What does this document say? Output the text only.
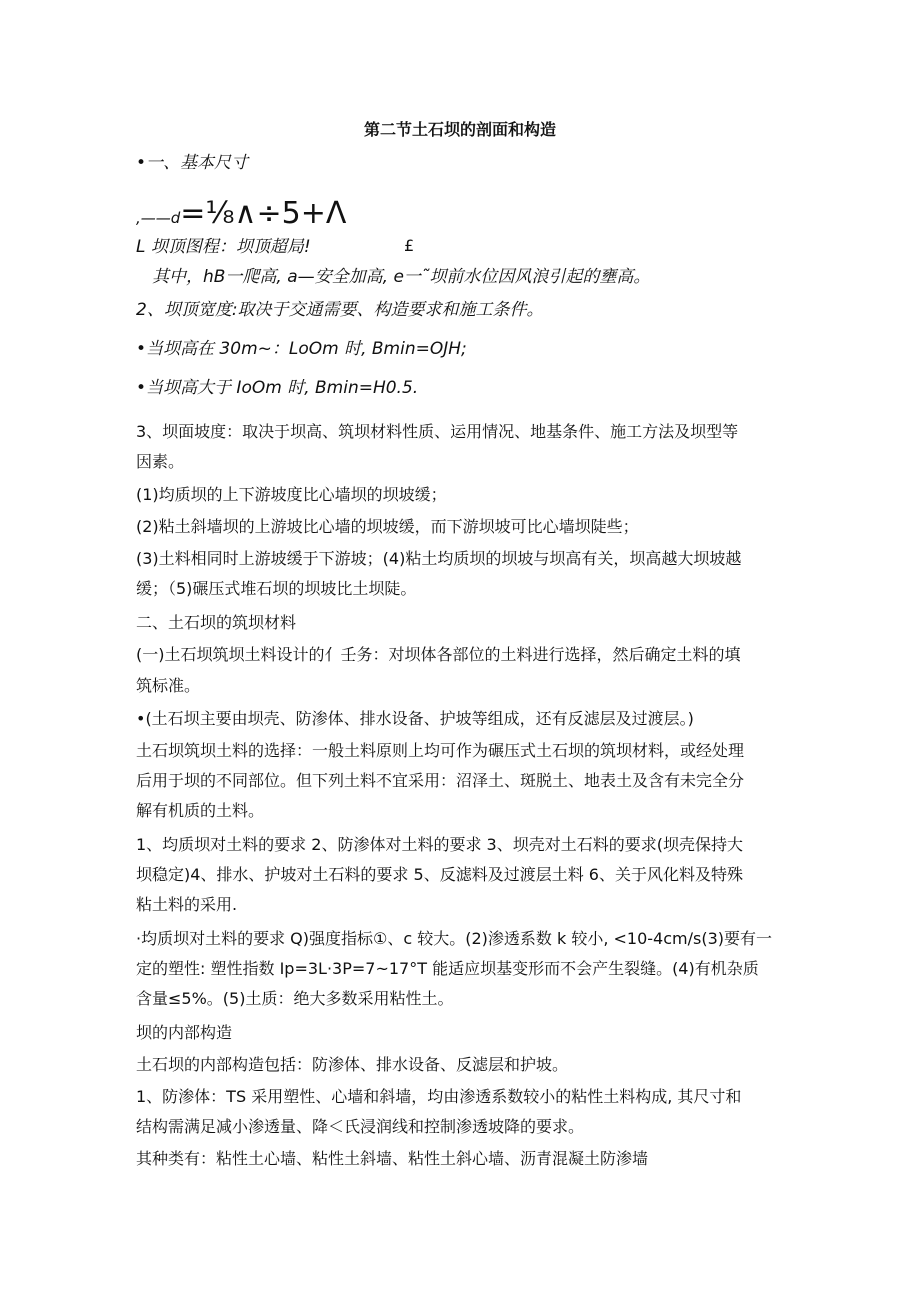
第二节土石坝的剖面和构造
•一、基本尺寸
,——d=⅛∧÷5+Λ
L 坝顶图程：坝顶超局!	£
其中，hB一爬高, a—安全加高, e一˜坝前水位因风浪引起的壅高。
2、坝顶宽度:取决于交通需要、构造要求和施工条件。
•当坝高在 30m~：LoOm 时, Bmin=OJH;
•当坝高大于 IoOm 时, Bmin=H0.5.
3、坝面坡度：取决于坝高、筑坝材料性质、运用情况、地基条件、施工方法及坝型等
因素。
(1)均质坝的上下游坡度比心墙坝的坝坡缓；
(2)粘土斜墙坝的上游坡比心墙的坝坡缓，而下游坝坡可比心墙坝陡些；
(3)土料相同时上游坡缓于下游坡；(4)粘土均质坝的坝坡与坝高有关，坝高越大坝坡越
缓；（5)碾压式堆石坝的坝坡比土坝陡。
二、土石坝的筑坝材料
(一)土石坝筑坝土料设计的亻壬务：对坝体各部位的土料进行选择，然后确定土料的填
筑标准。
•(土石坝主要由坝壳、防渗体、排水设备、护坡等组成，还有反滤层及过渡层。)
土石坝筑坝土料的选择：一般土料原则上均可作为碾压式土石坝的筑坝材料，或经处理
后用于坝的不同部位。但下列土料不宜采用：沼泽土、斑脱土、地表土及含有未完全分
解有机质的土料。
1、均质坝对土料的要求 2、防渗体对土料的要求 3、坝壳对土石料的要求(坝壳保持大
坝稳定)4、排水、护坡对土石料的要求 5、反滤料及过渡层土料 6、关于风化料及特殊
粘土料的采用.
·均质坝对土料的要求 Q)强度指标①、c 较大。(2)渗透系数 k 较小, <10-4cm∕s(3)要有一
定的塑性: 塑性指数 Ip=3L·3P=7~17°T 能适应坝基变形而不会产生裂缝。(4)有机杂质
含量≤5%。(5)土质：绝大多数采用粘性土。
坝的内部构造
土石坝的内部构造包括：防渗体、排水设备、反滤层和护坡。
1、防渗体：TS 采用塑性、心墙和斜墙，均由渗透系数较小的粘性土料构成, 其尺寸和
结构需满足减小渗透量、降＜氏浸润线和控制渗透坡降的要求。
其种类有：粘性土心墙、粘性土斜墙、粘性土斜心墙、沥青混凝土防渗墙
